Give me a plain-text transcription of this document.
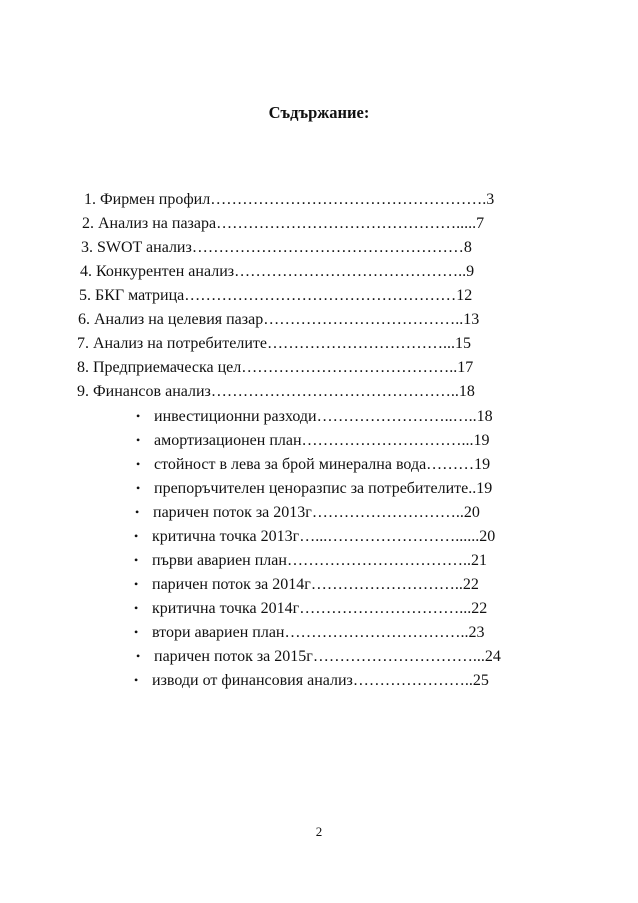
Съдържание:
1. Фирмен профил…………………………………………….3
2. Анализ на пазара……………………………………….....7
3. SWOT анализ……………………………………………8
4. Конкурентен анализ……………………………………..9
5. БКГ матрица……………………………………………12
6. Анализ на целевия пазар………………………………..13
7. Анализ на потребителите……………………………...15
8. Предприемаческа цел…………………………………..17
9. Финансов анализ………………………………………..18
• инвестиционни разходи……………………..…..18
• амортизационен план…………………………...19
• стойност в лева за брой минерална вода………19
• препоръчителен ценоразпис за потребителите..19
• паричен поток за 2013г………………………..20
• критична точка 2013г…...……………………......20
• първи авариен план……………………………..21
• паричен поток за 2014г………………………..22
• критична точка 2014г…………………………...22
• втори авариен план……………………………..23
• паричен поток за 2015г…………………………...24
• изводи от финансовия анализ…………………..25
2
